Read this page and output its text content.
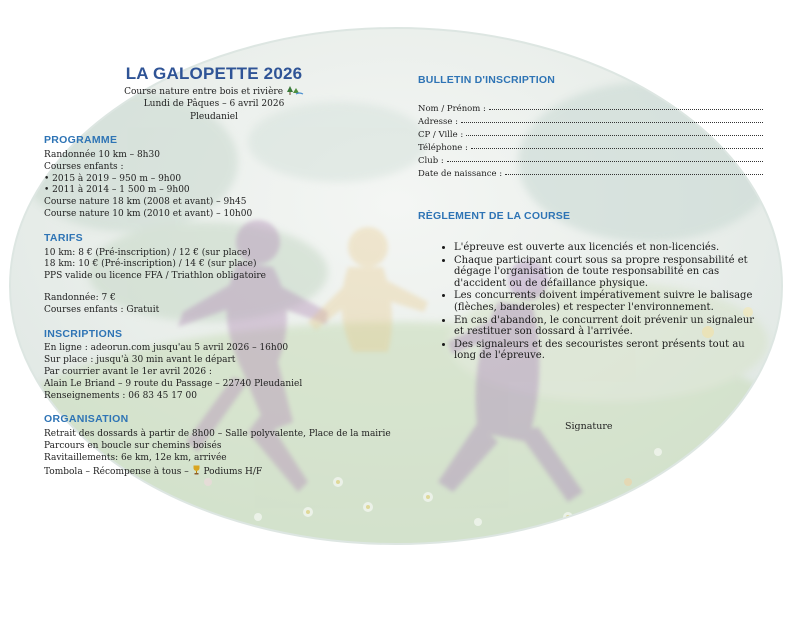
LA GALOPETTE 2026
Course nature entre bois et rivière
Lundi de Pâques – 6 avril 2026
Pleudaniel
PROGRAMME
Randonnée 10 km – 8h30
Courses enfants :
• 2015 à 2019 – 950 m – 9h00
• 2011 à 2014 – 1 500 m – 9h00
Course nature 18 km (2008 et avant) – 9h45
Course nature 10 km (2010 et avant) – 10h00
TARIFS
10 km: 8 € (Pré-inscription) / 12 € (sur place)
18 km: 10 € (Pré-inscription) / 14 € (sur place)
PPS valide ou licence FFA / Triathlon obligatoire
Randonnée: 7 €
Courses enfants : Gratuit
INSCRIPTIONS
En ligne : adeorun.com jusqu'au 5 avril 2026 – 16h00
Sur place : jusqu'à 30 min avant le départ
Par courrier avant le 1er avril 2026 :
Alain Le Briand – 9 route du Passage – 22740 Pleudaniel
Renseignements : 06 83 45 17 00
ORGANISATION
Retrait des dossards à partir de 8h00 – Salle polyvalente, Place de la mairie
Parcours en boucle sur chemins boisés
Ravitaillements: 6e km, 12e km, arrivée
Tombola – Récompense à tous – Podiums H/F
BULLETIN D'INSCRIPTION
Nom / Prénom :
Adresse :
CP / Ville :
Téléphone :
Club :
Date de naissance :
RÈGLEMENT DE LA COURSE
• L'épreuve est ouverte aux licenciés et non-licenciés.
• Chaque participant court sous sa propre responsabilité et dégage l'organisation de toute responsabilité en cas d'accident ou de défaillance physique.
• Les concurrents doivent impérativement suivre le balisage (flèches, banderoles) et respecter l'environnement.
• En cas d'abandon, le concurrent doit prévenir un signaleur et restituer son dossard à l'arrivée.
• Des signaleurs et des secouristes seront présents tout au long de l'épreuve.
Signature
